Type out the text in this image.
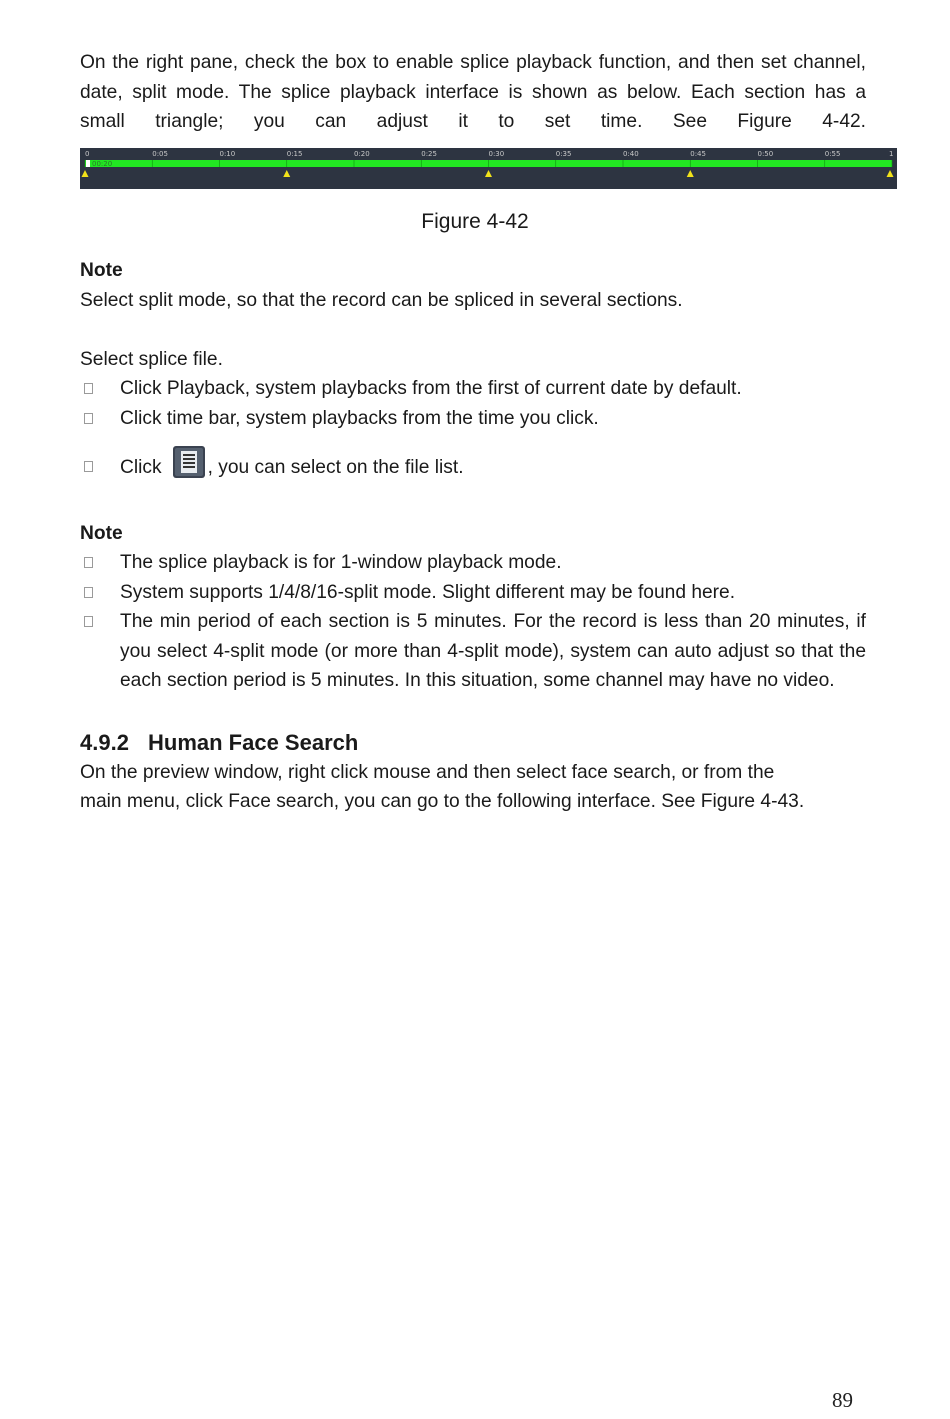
On the right pane, check the box to enable splice playback function, and then set channel,

date, split mode. The splice playback interface is shown as below. Each section has a

small triangle; you can adjust it to set time. See Figure 4-42.

0	0:05	0:10	0:15	0:20	0:25	0:30	0:35	0:40	0:45	0:50	0:55	1
00:20
Figure 4-42

Note

Select split mode, so that the record can be spliced in several sections.

Select splice file.

Click Playback, system playbacks from the first of current date by default.
Click time bar, system playbacks from the time you click.
Click , you can select on the file list.

Note

The splice playback is for 1-window playback mode.
System supports 1/4/8/16-split mode. Slight different may be found here.
The min period of each section is 5 minutes. For the record is less than 20 minutes, if you select 4-split mode (or more than 4-split mode), system can auto adjust so that the each section period is 5 minutes. In this situation, some channel may have no video.

4.9.2 Human Face Search

On the preview window, right click mouse and then select face search, or from the

main menu, click Face search, you can go to the following interface. See Figure 4-43.

89
